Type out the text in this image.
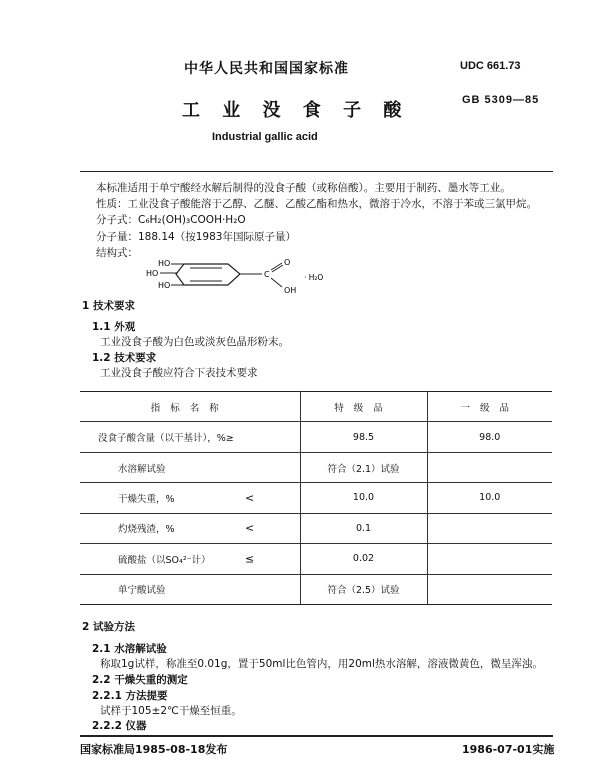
中华人民共和国国家标准	UDC 661.73
工 业 没 食 子 酸	GB 5309—85
Industrial gallic acid
本标准适用于单宁酸经水解后制得的没食子酸（或称倍酸）。主要用于制药、墨水等工业。
性质：工业没食子酸能溶于乙醇、乙醚、乙酸乙酯和热水，微溶于冷水，不溶于苯或三氯甲烷。
分子式：C₆H₂(OH)₃COOH·H₂O
分子量：188.14（按1983年国际原子量）
结构式：
HO
HO
HO
C
O
OH
· H₂O
1 技术要求
1.1 外观
工业没食子酸为白色或淡灰色晶形粉末。
1.2 技术要求
工业没食子酸应符合下表技术要求
指标名称	特级品	一级品
没食子酸含量（以干基计），%≥	98.5	98.0
水溶解试验	符合（2.1）试验	
干燥失重，% <	10.0	10.0
灼烧残渣，% <	0.1	
硫酸盐（以SO₄²⁻计） ≤	0.02	
单宁酸试验	符合（2.5）试验	
2 试验方法
2.1 水溶解试验
称取1g试样，称准至0.01g，置于50ml比色管内，用20ml热水溶解，溶液微黄色，微呈浑浊。
2.2 干燥失重的测定
2.2.1 方法提要
试样于105±2℃干燥至恒重。
2.2.2 仪器
国家标准局1985-08-18发布	1986-07-01实施
